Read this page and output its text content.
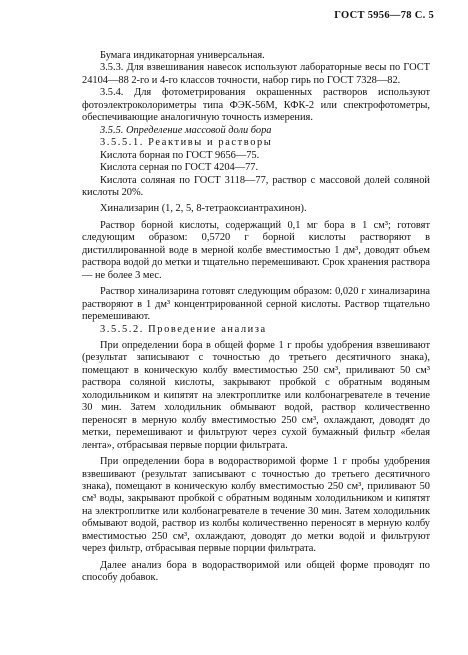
ГОСТ 5956—78 С. 5

Бумага индикаторная универсальная.

3.5.3. Для взвешивания навесок используют лабораторные весы по ГОСТ 24104—88 2-го и 4-го классов точности, набор гирь по ГОСТ 7328—82.

3.5.4. Для фотометрирования окрашенных растворов используют фотоэлектроколориметры типа ФЭК-56М, КФК-2 или спектрофотометры, обеспечивающие аналогичную точность измерения.

3.5.5. Определение массовой доли бора

3.5.5.1. Реактивы и растворы

Кислота борная по ГОСТ 9656—75.

Кислота серная по ГОСТ 4204—77.

Кислота соляная по ГОСТ 3118—77, раствор с массовой долей соляной кислоты 20%.

Хинализарин (1, 2, 5, 8-тетраоксиантрахинон).

Раствор борной кислоты, содержащий 0,1 мг бора в 1 см³; готовят следующим образом: 0,5720 г борной кислоты растворяют в дистиллированной воде в мерной колбе вместимостью 1 дм³, доводят объем раствора водой до метки и тщательно перемешивают. Срок хранения раствора — не более 3 мес.

Раствор хинализарина готовят следующим образом: 0,020 г хинализарина растворяют в 1 дм³ концентрированной серной кислоты. Раствор тщательно перемешивают.

3.5.5.2. Проведение анализа

При определении бора в общей форме 1 г пробы удобрения взвешивают (результат записывают с точностью до третьего десятичного знака), помещают в коническую колбу вместимостью 250 см³, приливают 50 см³ раствора соляной кислоты, закрывают пробкой с обратным водяным холодильником и кипятят на электроплитке или колбонагревателе в течение 30 мин. Затем холодильник обмывают водой, раствор количественно переносят в мерную колбу вместимостью 250 см³, охлаждают, доводят до метки, перемешивают и фильтруют через сухой бумажный фильтр «белая лента», отбрасывая первые порции фильтрата.

При определении бора в водорастворимой форме 1 г пробы удобрения взвешивают (результат записывают с точностью до третьего десятичного знака), помещают в коническую колбу вместимостью 250 см³, приливают 50 см³ воды, закрывают пробкой с обратным водяным холодильником и кипятят на электроплитке или колбонагревателе в течение 30 мин. Затем холодильник обмывают водой, раствор из колбы количественно переносят в мерную колбу вместимостью 250 см³, охлаждают, доводят до метки водой и фильтруют через фильтр, отбрасывая первые порции фильтрата.

Далее анализ бора в водорастворимой или общей форме проводят по способу добавок.
